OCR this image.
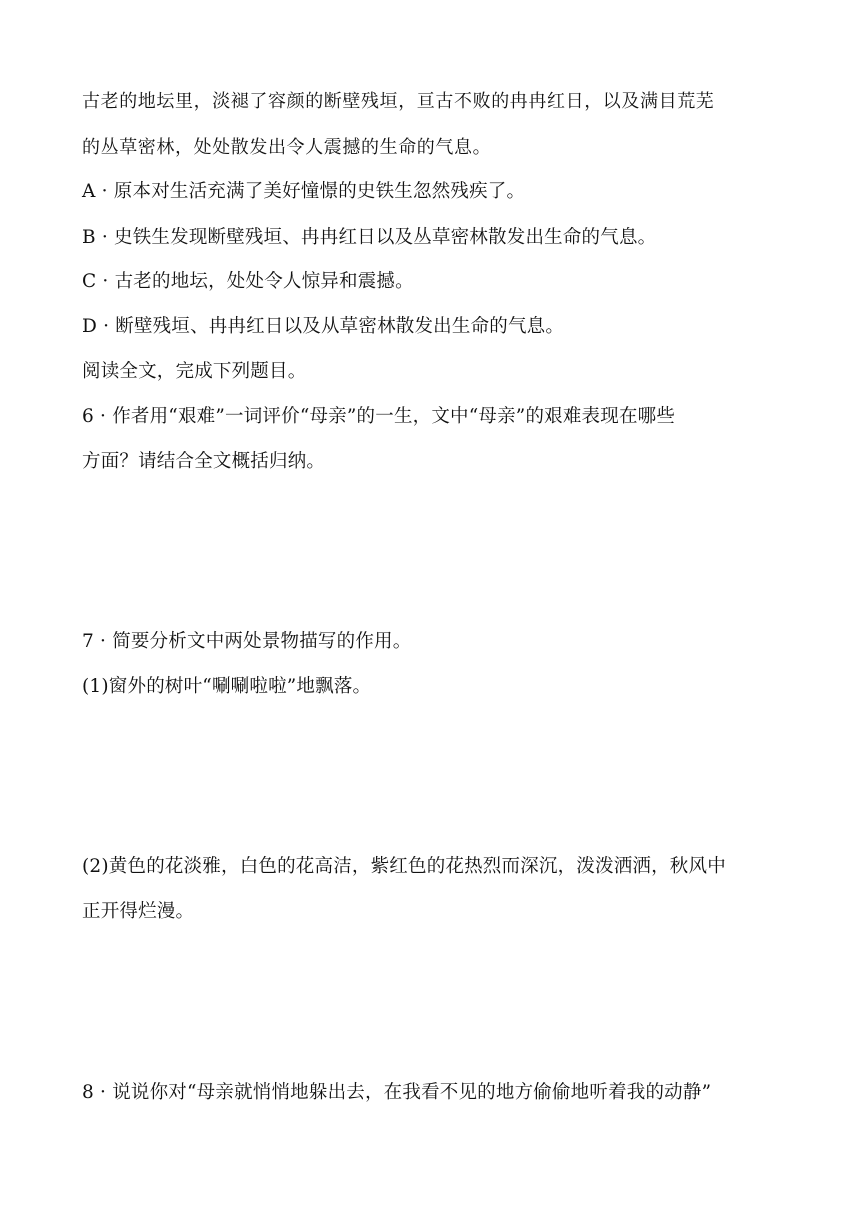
古老的地坛里，淡褪了容颜的断壁残垣，亘古不败的冉冉红日，以及满目荒芜
的丛草密林，处处散发出令人震撼的生命的气息。
A · 原本对生活充满了美好憧憬的史铁生忽然残疾了。
B · 史铁生发现断壁残垣、冉冉红日以及丛草密林散发出生命的气息。
C · 古老的地坛，处处令人惊异和震撼。
D · 断壁残垣、冉冉红日以及从草密林散发出生命的气息。
阅读全文，完成下列题目。
6 · 作者用“艰难”一词评价“母亲”的一生，文中“母亲”的艰难表现在哪些
方面？请结合全文概括归纳。
7 · 简要分析文中两处景物描写的作用。
(1)窗外的树叶“唰唰啦啦”地飘落。
(2)黄色的花淡雅，白色的花高洁，紫红色的花热烈而深沉，泼泼洒洒，秋风中
正开得烂漫。
8 · 说说你对“母亲就悄悄地躲出去，在我看不见的地方偷偷地听着我的动静”
